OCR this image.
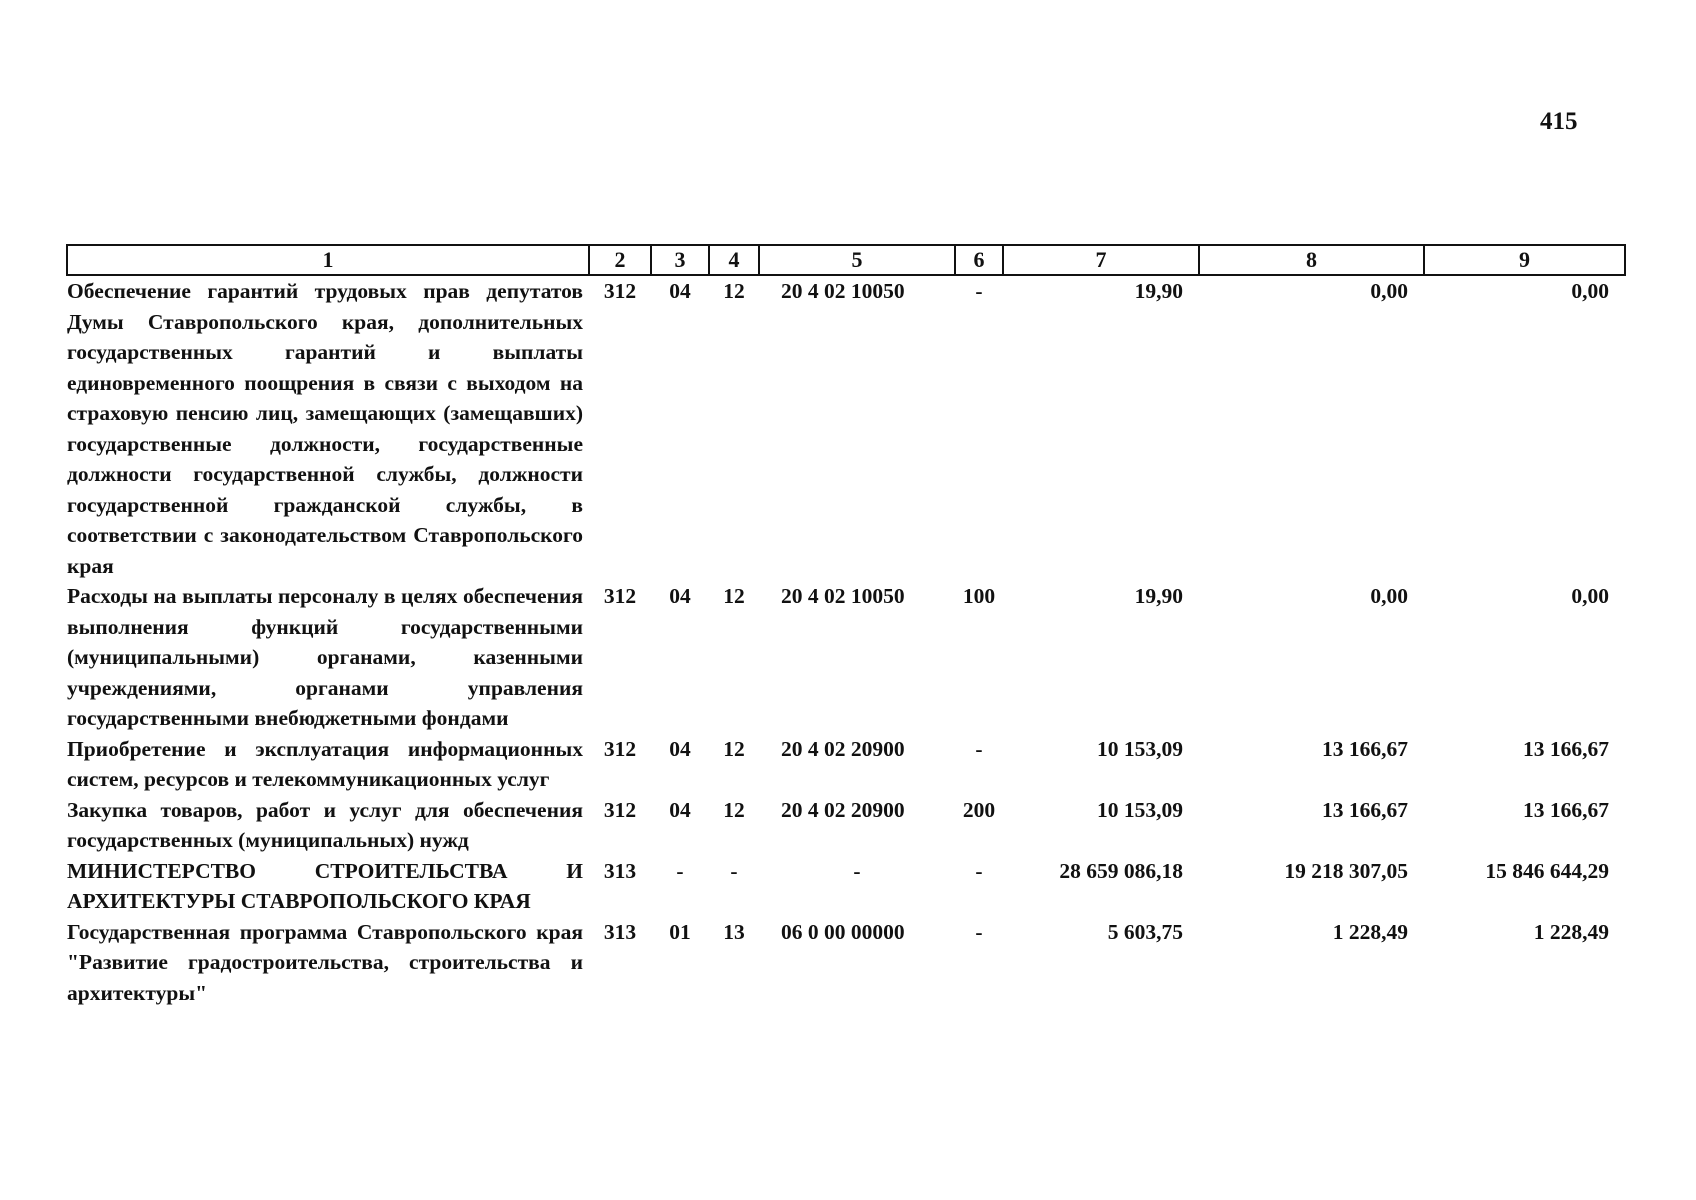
415
1	2	3	4	5	6	7	8	9
Обеспечение гарантий трудовых прав депутатов Думы Ставропольского края, дополнительных государственных гарантий и выплаты единовременного поощрения в связи с выходом на страховую пенсию лиц, замещающих (замещавших) государственные должности, государственные должности государственной службы, должности государственной гражданской службы, в соответствии с законодательством Ставропольского края	312	04	12	20 4 02 10050	-	19,90	0,00	0,00
Расходы на выплаты персоналу в целях обеспечения выполнения функций государственными (муниципальными) органами, казенными учреждениями, органами управления государственными внебюджетными фондами	312	04	12	20 4 02 10050	100	19,90	0,00	0,00
Приобретение и эксплуатация информационных систем, ресурсов и телекоммуникационных услуг	312	04	12	20 4 02 20900	-	10 153,09	13 166,67	13 166,67
Закупка товаров, работ и услуг для обеспечения государственных (муниципальных) нужд	312	04	12	20 4 02 20900	200	10 153,09	13 166,67	13 166,67
МИНИСТЕРСТВО СТРОИТЕЛЬСТВА И АРХИТЕКТУРЫ СТАВРОПОЛЬСКОГО КРАЯ	313	-	-	-	-	28 659 086,18	19 218 307,05	15 846 644,29
Государственная программа Ставропольского края "Развитие градостроительства, строительства и архитектуры"	313	01	13	06 0 00 00000	-	5 603,75	1 228,49	1 228,49
